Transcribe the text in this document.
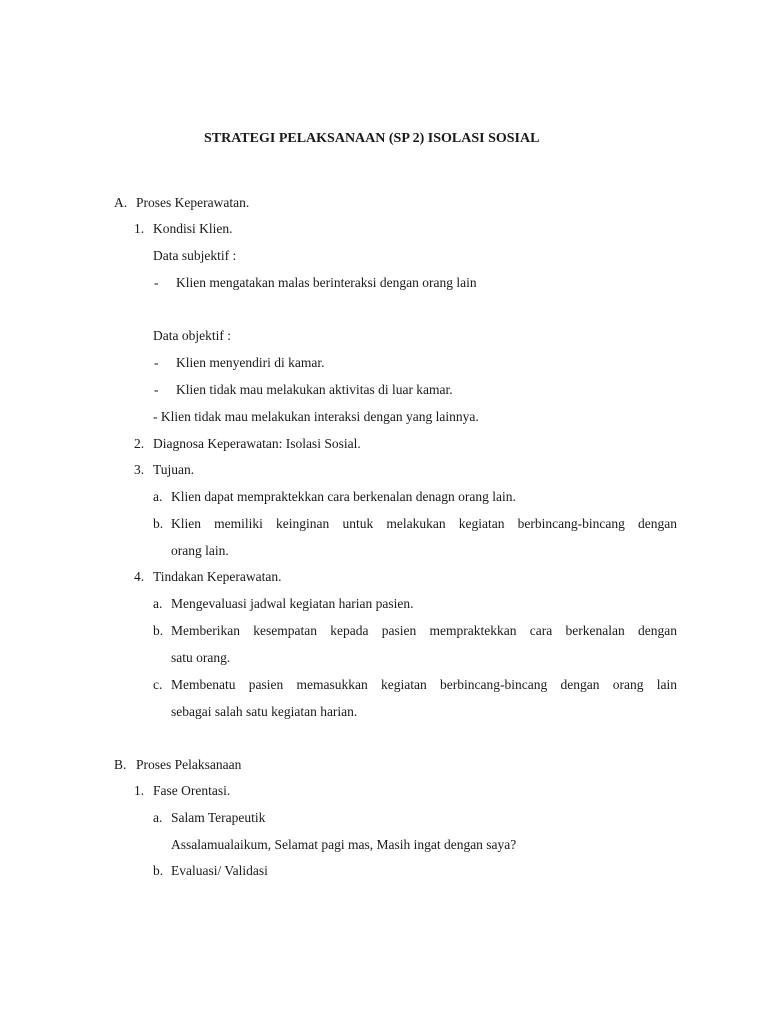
STRATEGI PELAKSANAAN (SP 2) ISOLASI SOSIAL
A. Proses Keperawatan.
1. Kondisi Klien.
Data subjektif :
- Klien mengatakan malas berinteraksi dengan orang lain
Data objektif :
- Klien menyendiri di kamar.
- Klien tidak mau melakukan aktivitas di luar kamar.
- Klien tidak mau melakukan interaksi dengan yang lainnya.
2. Diagnosa Keperawatan: Isolasi Sosial.
3. Tujuan.
a. Klien dapat mempraktekkan cara berkenalan denagn orang lain.
b. Klien memiliki keinginan untuk melakukan kegiatan berbincang-bincang dengan
orang lain.
4. Tindakan Keperawatan.
a. Mengevaluasi jadwal kegiatan harian pasien.
b. Memberikan kesempatan kepada pasien mempraktekkan cara berkenalan dengan
satu orang.
c. Membenatu pasien memasukkan kegiatan berbincang-bincang dengan orang lain
sebagai salah satu kegiatan harian.
B. Proses Pelaksanaan
1. Fase Orentasi.
a. Salam Terapeutik
Assalamualaikum, Selamat pagi mas, Masih ingat dengan saya?
b. Evaluasi/ Validasi
